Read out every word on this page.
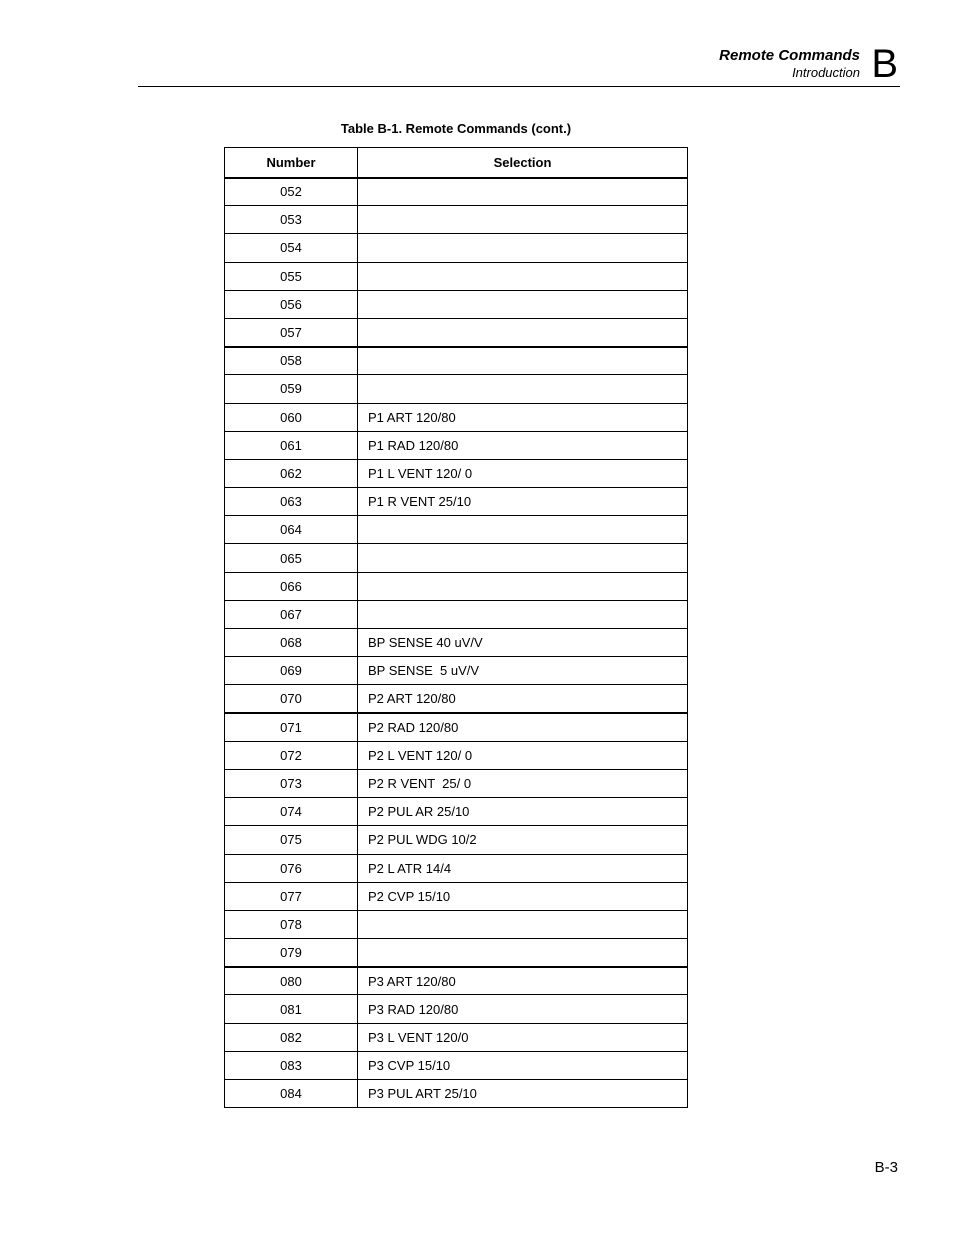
Remote Commands
Introduction B
Table B-1. Remote Commands (cont.)
Number	Selection
052	
053	
054	
055	
056	
057	
058	
059	
060	P1 ART 120/80
061	P1 RAD 120/80
062	P1 L VENT 120/ 0
063	P1 R VENT 25/10
064	
065	
066	
067	
068	BP SENSE 40 uV/V
069	BP SENSE  5 uV/V
070	P2 ART 120/80
071	P2 RAD 120/80
072	P2 L VENT 120/ 0
073	P2 R VENT  25/ 0
074	P2 PUL AR 25/10
075	P2 PUL WDG 10/2
076	P2 L ATR 14/4
077	P2 CVP 15/10
078	
079	
080	P3 ART 120/80
081	P3 RAD 120/80
082	P3 L VENT 120/0
083	P3 CVP 15/10
084	P3 PUL ART 25/10
B-3
